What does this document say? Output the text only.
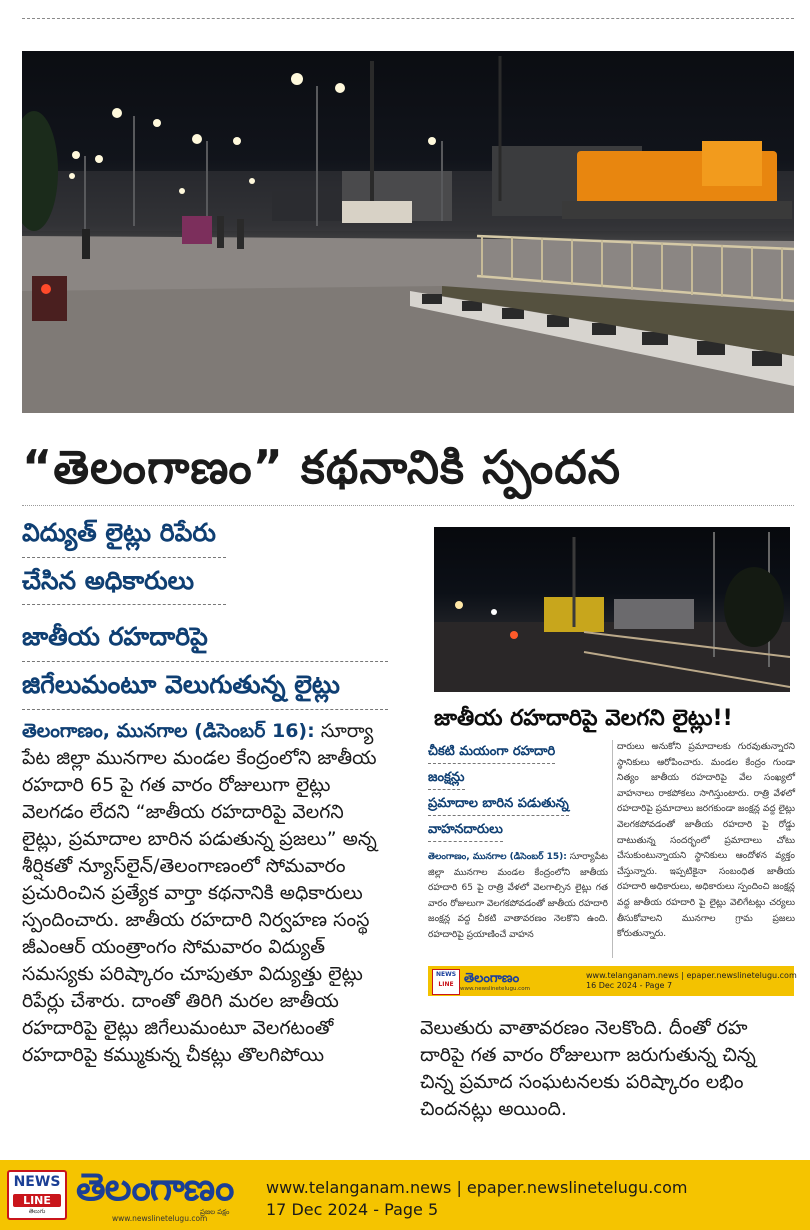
“తెలంగాణం” కథనానికి స్పందన
విద్యుత్ లైట్లు రిపేరు
చేసిన అధికారులు
జాతీయ రహదారిపై
జిగేలుమంటూ వెలుగుతున్న లైట్లు
తెలంగాణం, మునగాల (డిసెంబర్ 16): సూర్యా
పేట జిల్లా మునగాల మండల కేంద్రంలోని జాతీయ
రహదారి 65 పై గత వారం రోజులుగా లైట్లు
వెలగడం లేదని “జాతీయ రహదారిపై వెలగని
లైట్లు, ప్రమాదాల బారిన పడుతున్న ప్రజలు” అన్న
శీర్షికతో న్యూస్‌లైన్/తెలంగాణంలో సోమవారం
ప్రచురించిన ప్రత్యేక వార్తా కథనానికి అధికారులు
స్పందించారు. జాతీయ రహదారి నిర్వహణ సంస్థ
జీఎంఆర్ యంత్రాంగం సోమవారం విద్యుత్
సమస్యకు పరిష్కారం చూపుతూ విద్యుత్తు లైట్లు
రిపేర్లు చేశారు. దాంతో తిరిగి మరల జాతీయ
రహదారిపై లైట్లు జిగేలుమంటూ వెలగటంతో
రహదారిపై కమ్ముకున్న చీకట్లు తొలగిపోయి
జాతీయ రహదారిపై వెలగని లైట్లు!!
చీకటి మయంగా రహదారి
జంక్షన్లు
ప్రమాదాల బారిన పడుతున్న
వాహనదారులు
తెలంగాణం, మునగాల (డిసెంబర్ 15): సూర్యాపేట జిల్లా మునగాల మండల కేంద్రంలోని జాతీయ రహదారి 65 పై రాత్రి వేళలో వెలగాల్సిన లైట్లు గత వారం రోజులుగా వెలగకపోవడంతో జాతీయ రహదారి జంక్షన్ల వద్ద చీకటి వాతావరణం నెలకొని ఉంది. రహదారిపై ప్రయాణించే వాహన
దారులు అనుకోని ప్రమాదాలకు గురవుతున్నారని స్థానికులు ఆరోపించారు. మండల కేంద్రం గుండా నిత్యం జాతీయ రహదారిపై వేల సంఖ్యలో వాహనాలు రాకపోకలు సాగిస్తుంటారు. రాత్రి వేళలో రహదారిపై ప్రమాదాలు జరగకుండా జంక్షన్ల వద్ద లైట్లు వెలగకపోవడంతో జాతీయ రహదారి పై రోడ్డు దాటుతున్న సందర్భంలో ప్రమాదాలు చోటు చేసుకుంటున్నాయని స్థానికులు ఆందోళన వ్యక్తం చేస్తున్నారు. ఇప్పటికైనా సంబంధిత జాతీయ రహదారి అధికారులు, అధికారులు స్పందించి జంక్షన్ల వద్ద జాతీయ రహదారి పై లైట్లు వెలిగేటట్లు చర్యలు తీసుకోవాలని మునగాల గ్రామ ప్రజలు కోరుతున్నారు.
NEWS
LINE తెలంగాణం
www.newslinetelugu.com
www.telanganam.news | epaper.newslinetelugu.com
16 Dec 2024 - Page 7
వెలుతురు వాతావరణం నెలకొంది. దీంతో రహ
దారిపై గత వారం రోజులుగా జరుగుతున్న చిన్న
చిన్న ప్రమాద సంఘటనలకు పరిష్కారం లభిం
చిందనట్లు అయింది.
NEWS
LINE
తెలుగు
తెలంగాణం
ప్రజల పక్షం
www.newslinetelugu.com
www.telanganam.news | epaper.newslinetelugu.com
17 Dec 2024 - Page 5
